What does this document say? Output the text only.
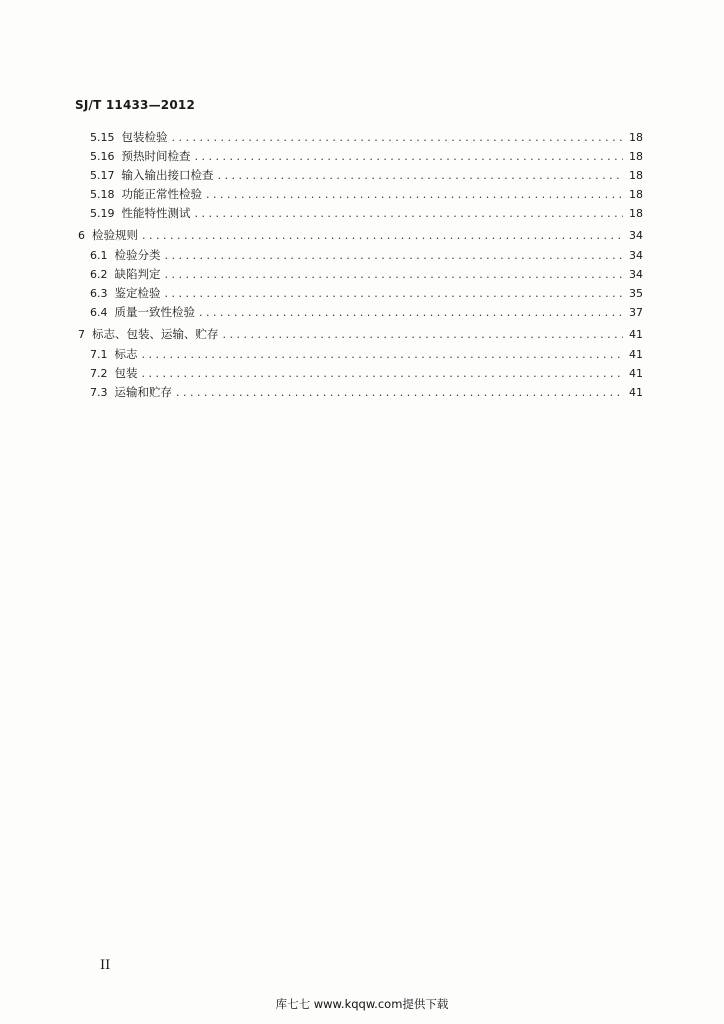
SJ/T 11433—2012
5.15 包装检验 . . .	18
5.16 预热时间检查 . . .	18
5.17 输入输出接口检查 . . .	18
5.18 功能正常性检验 . . .	18
5.19 性能特性测试 . . .	18
6 检验规则 . . .	34
6.1 检验分类 . . .	34
6.2 缺陷判定 . . .	34
6.3 鉴定检验 . . .	35
6.4 质量一致性检验 . . .	37
7 标志、包装、运输、贮存 . . .	41
7.1 标志 . . .	41
7.2 包装 . . .	41
7.3 运输和贮存 . . .	41
II
库七七 www.kqqw.com提供下载
